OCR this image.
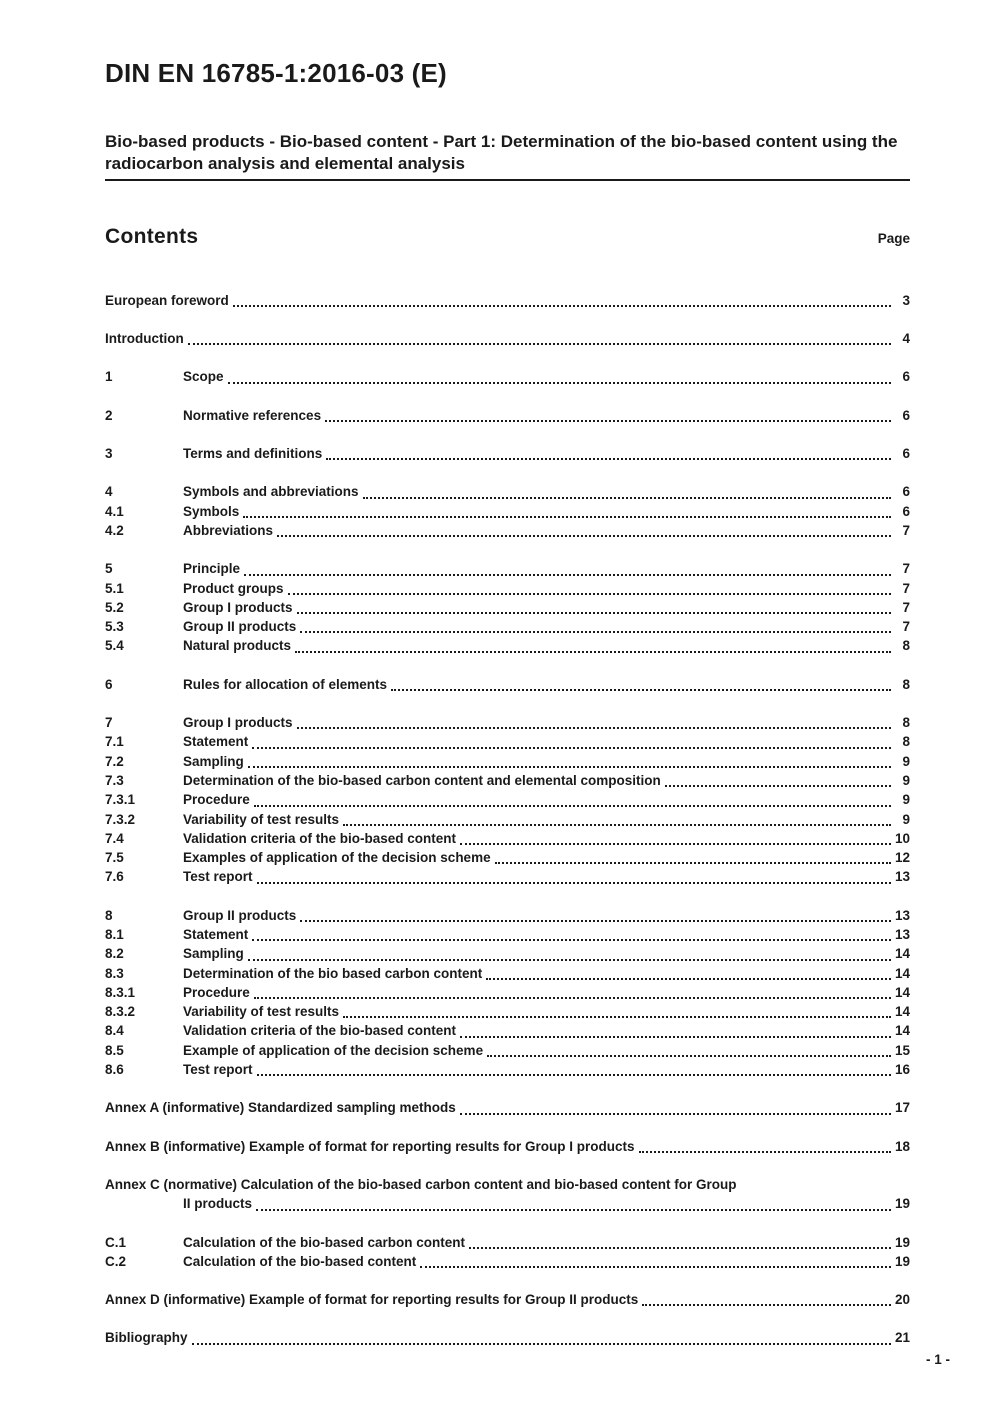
DIN EN 16785-1:2016-03 (E)
Bio-based products - Bio-based content - Part 1: Determination of the bio-based content using the radiocarbon analysis and elemental analysis
Contents	Page
European foreword	3
Introduction	4
1	Scope	6
2	Normative references	6
3	Terms and definitions	6
4	Symbols and abbreviations	6
4.1	Symbols	6
4.2	Abbreviations	7
5	Principle	7
5.1	Product groups	7
5.2	Group I products	7
5.3	Group II products	7
5.4	Natural products	8
6	Rules for allocation of elements	8
7	Group I products	8
7.1	Statement	8
7.2	Sampling	9
7.3	Determination of the bio-based carbon content and elemental composition	9
7.3.1	Procedure	9
7.3.2	Variability of test results	9
7.4	Validation criteria of the bio-based content	10
7.5	Examples of application of the decision scheme	12
7.6	Test report	13
8	Group II products	13
8.1	Statement	13
8.2	Sampling	14
8.3	Determination of the bio based carbon content	14
8.3.1	Procedure	14
8.3.2	Variability of test results	14
8.4	Validation criteria of the bio-based content	14
8.5	Example of application of the decision scheme	15
8.6	Test report	16
Annex A (informative) Standardized sampling methods	17
Annex B (informative) Example of format for reporting results for Group I products	18
Annex C (normative) Calculation of the bio-based carbon content and bio-based content for Group
II products	19
C.1	Calculation of the bio-based carbon content	19
C.2	Calculation of the bio-based content	19
Annex D (informative) Example of format for reporting results for Group II products	20
Bibliography	21
- 1 -
